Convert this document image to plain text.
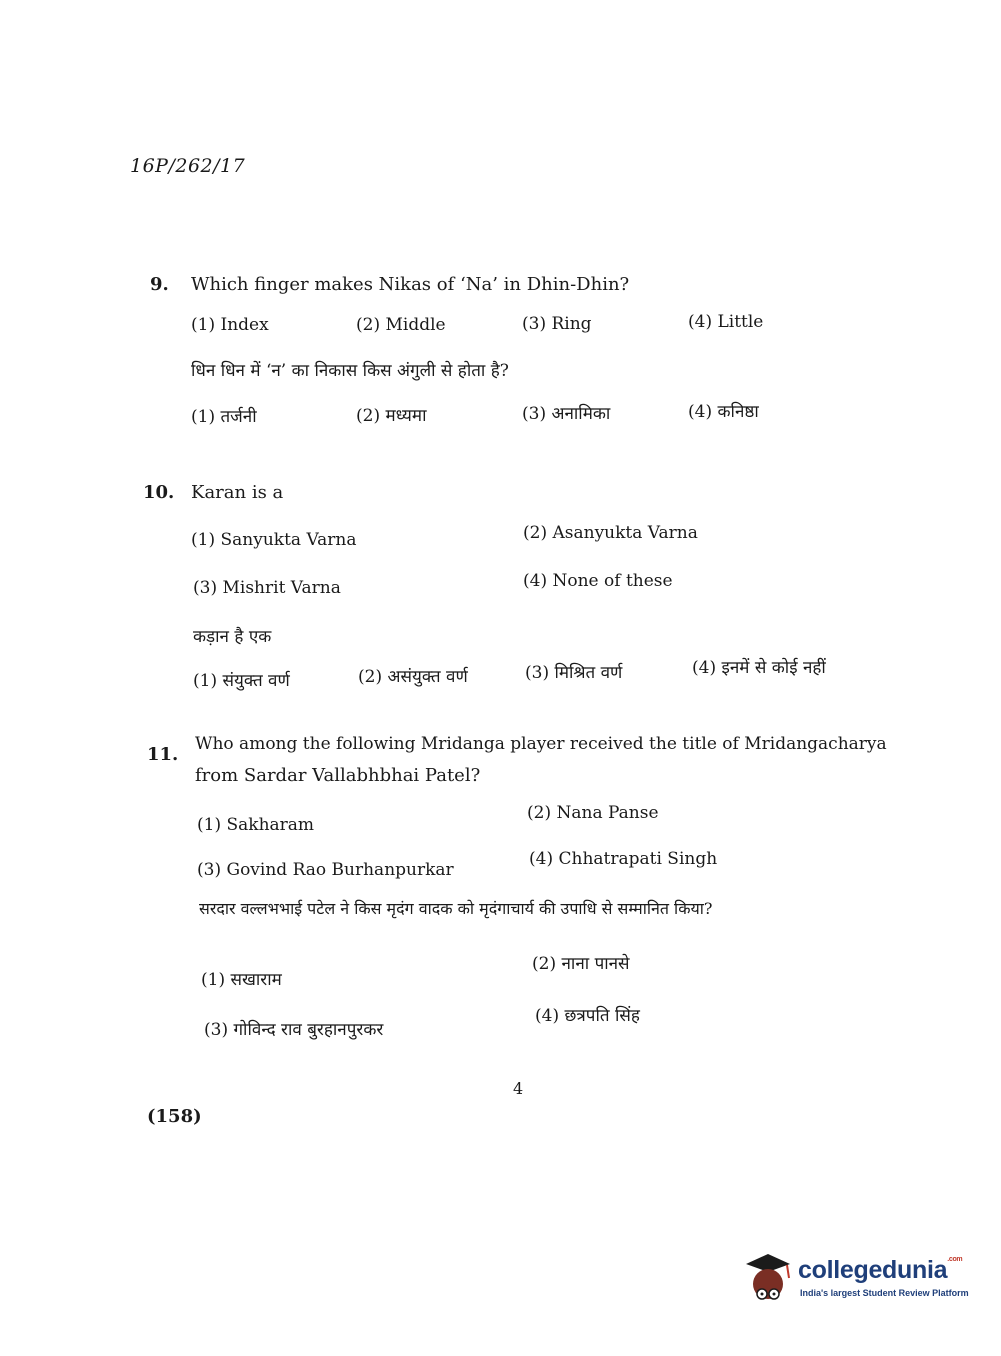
16P/262/17
9. Which finger makes Nikas of ‘Na’ in Dhin-Dhin?
(1) Index	(2) Middle	(3) Ring	(4) Little
धिन धिन में ‘न’ का निकास किस अंगुली से होता है?
(1) तर्जनी	(2) मध्यमा	(3) अनामिका	(4) कनिष्ठा
10. Karan is a
(1) Sanyukta Varna	(2) Asanyukta Varna
(3) Mishrit Varna	(4) None of these
कड़ान है एक
(1) संयुक्त वर्ण	(2) असंयुक्त वर्ण	(3) मिश्रित वर्ण	(4) इनमें से कोई नहीं
11. Who among the following Mridanga player received the title of Mridangacharya
from Sardar Vallabhbhai Patel?
(1) Sakharam
(2) Nana Panse
(3) Govind Rao Burhanpurkar
(4) Chhatrapati Singh
सरदार वल्लभभाई पटेल ने किस मृदंग वादक को मृदंगाचार्य की उपाधि से सम्मानित किया?
(1) सखाराम
(2) नाना पानसे
(3) गोविन्द राव बुरहानपुरकर
(4) छत्रपति सिंह
4
(158)
collegedunia$^{.com}$
India's largest Student Review Platform
